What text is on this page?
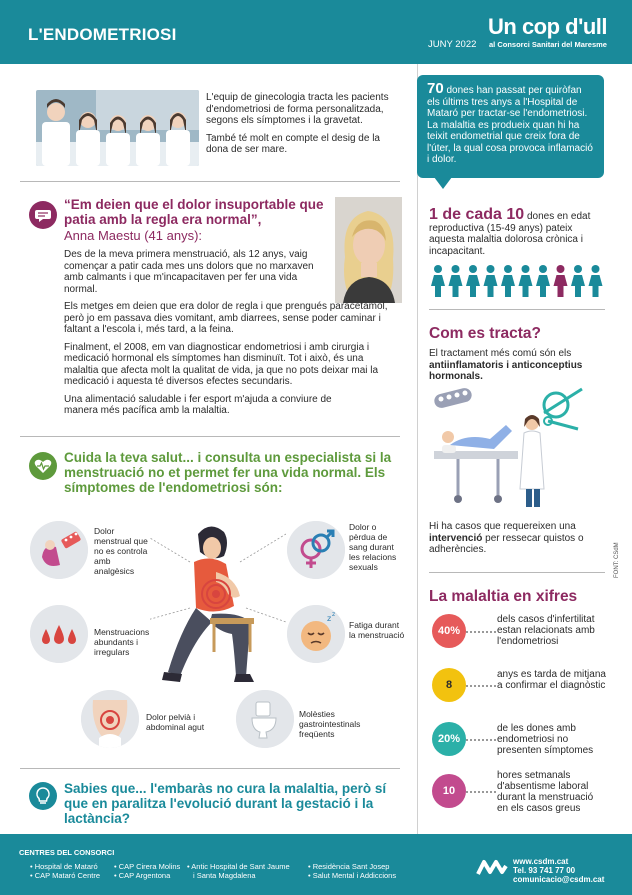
L'ENDOMETRIOSI
JUNY 2022
Un cop d'ull
al Consorci Sanitari del Maresme

L'equip de ginecologia tracta les pacients d'endometriosi de forma personalitzada, segons els símptomes i la gravetat.

També té molt en compte el desig de la dona de ser mare.

“Em deien que el dolor insuportable que patia amb la regla era normal”,
Anna Maestu (41 anys):

Des de la meva primera menstruació, als 12 anys, vaig començar a patir cada mes uns dolors que no marxaven amb calmants i que m'incapacitaven per fer una vida normal.

Els metges em deien que era dolor de regla i que prengués paracetamol, però jo em passava dies vomitant, amb diarrees, sense poder caminar i faltant a l'escola i, més tard, a la feina.

Finalment, el 2008, em van diagnosticar endometriosi i amb cirurgia i medicació hormonal els símptomes han disminuït. Tot i això, és una malaltia que afecta molt la qualitat de vida, ja que no pots deixar mai la medicació i aquesta té diversos efectes secundaris.

Una alimentació saludable i fer esport m'ajuda a conviure de manera més pacífica amb la malaltia.

Cuida la teva salut... i consulta un especialista si la menstruació no et permet fer una vida normal. Els símptomes de l'endometriosi són:
Dolor menstrual que no es controla amb analgèsics
Dolor o pèrdua de sang durant les relacions sexuals
Menstruacions abundants i irregulars
z z
Fatiga durant la menstruació
Dolor pelvià i abdominal agut
Molèsties gastrointestinals freqüents
Sabies que... l'embaràs no cura la malaltia, però sí que en paralitza l'evolució durant la gestació i la lactància?
70 dones han passat per quiròfan els últims tres anys a l'Hospital de Mataró per tractar-se l'endometriosi. La malaltia es produeix quan hi ha teixit endometrial que creix fora de l'úter, la qual cosa provoca inflamació i dolor.
1 de cada 10 dones en edat reproductiva (15-49 anys) pateix aquesta malaltia dolorosa crònica i incapacitant.
Com es tracta?
El tractament més comú són els antiinflamatoris i anticonceptius hormonals.
Hi ha casos que requereixen una intervenció per ressecar quistos o adherències.	FONT: CSdM
La malaltia en xifres
40%
dels casos d'infertilitat estan relacionats amb l'endometriosi
8
anys es tarda de mitjana a confirmar el diagnòstic
20%
de les dones amb endometriosi no presenten símptomes
10
hores setmanals d'absentisme laboral durant la menstruació en els casos greus
CENTRES DEL CONSORCI
• Hospital de Mataró
• CAP Mataró Centre
• CAP Cirera Molins
• CAP Argentona
• Antic Hospital de Sant Jaume
i Santa Magdalena
• Residència Sant Josep
• Salut Mental i Addiccions
www.csdm.cat
Tel. 93 741 77 00
comunicacio@csdm.cat
